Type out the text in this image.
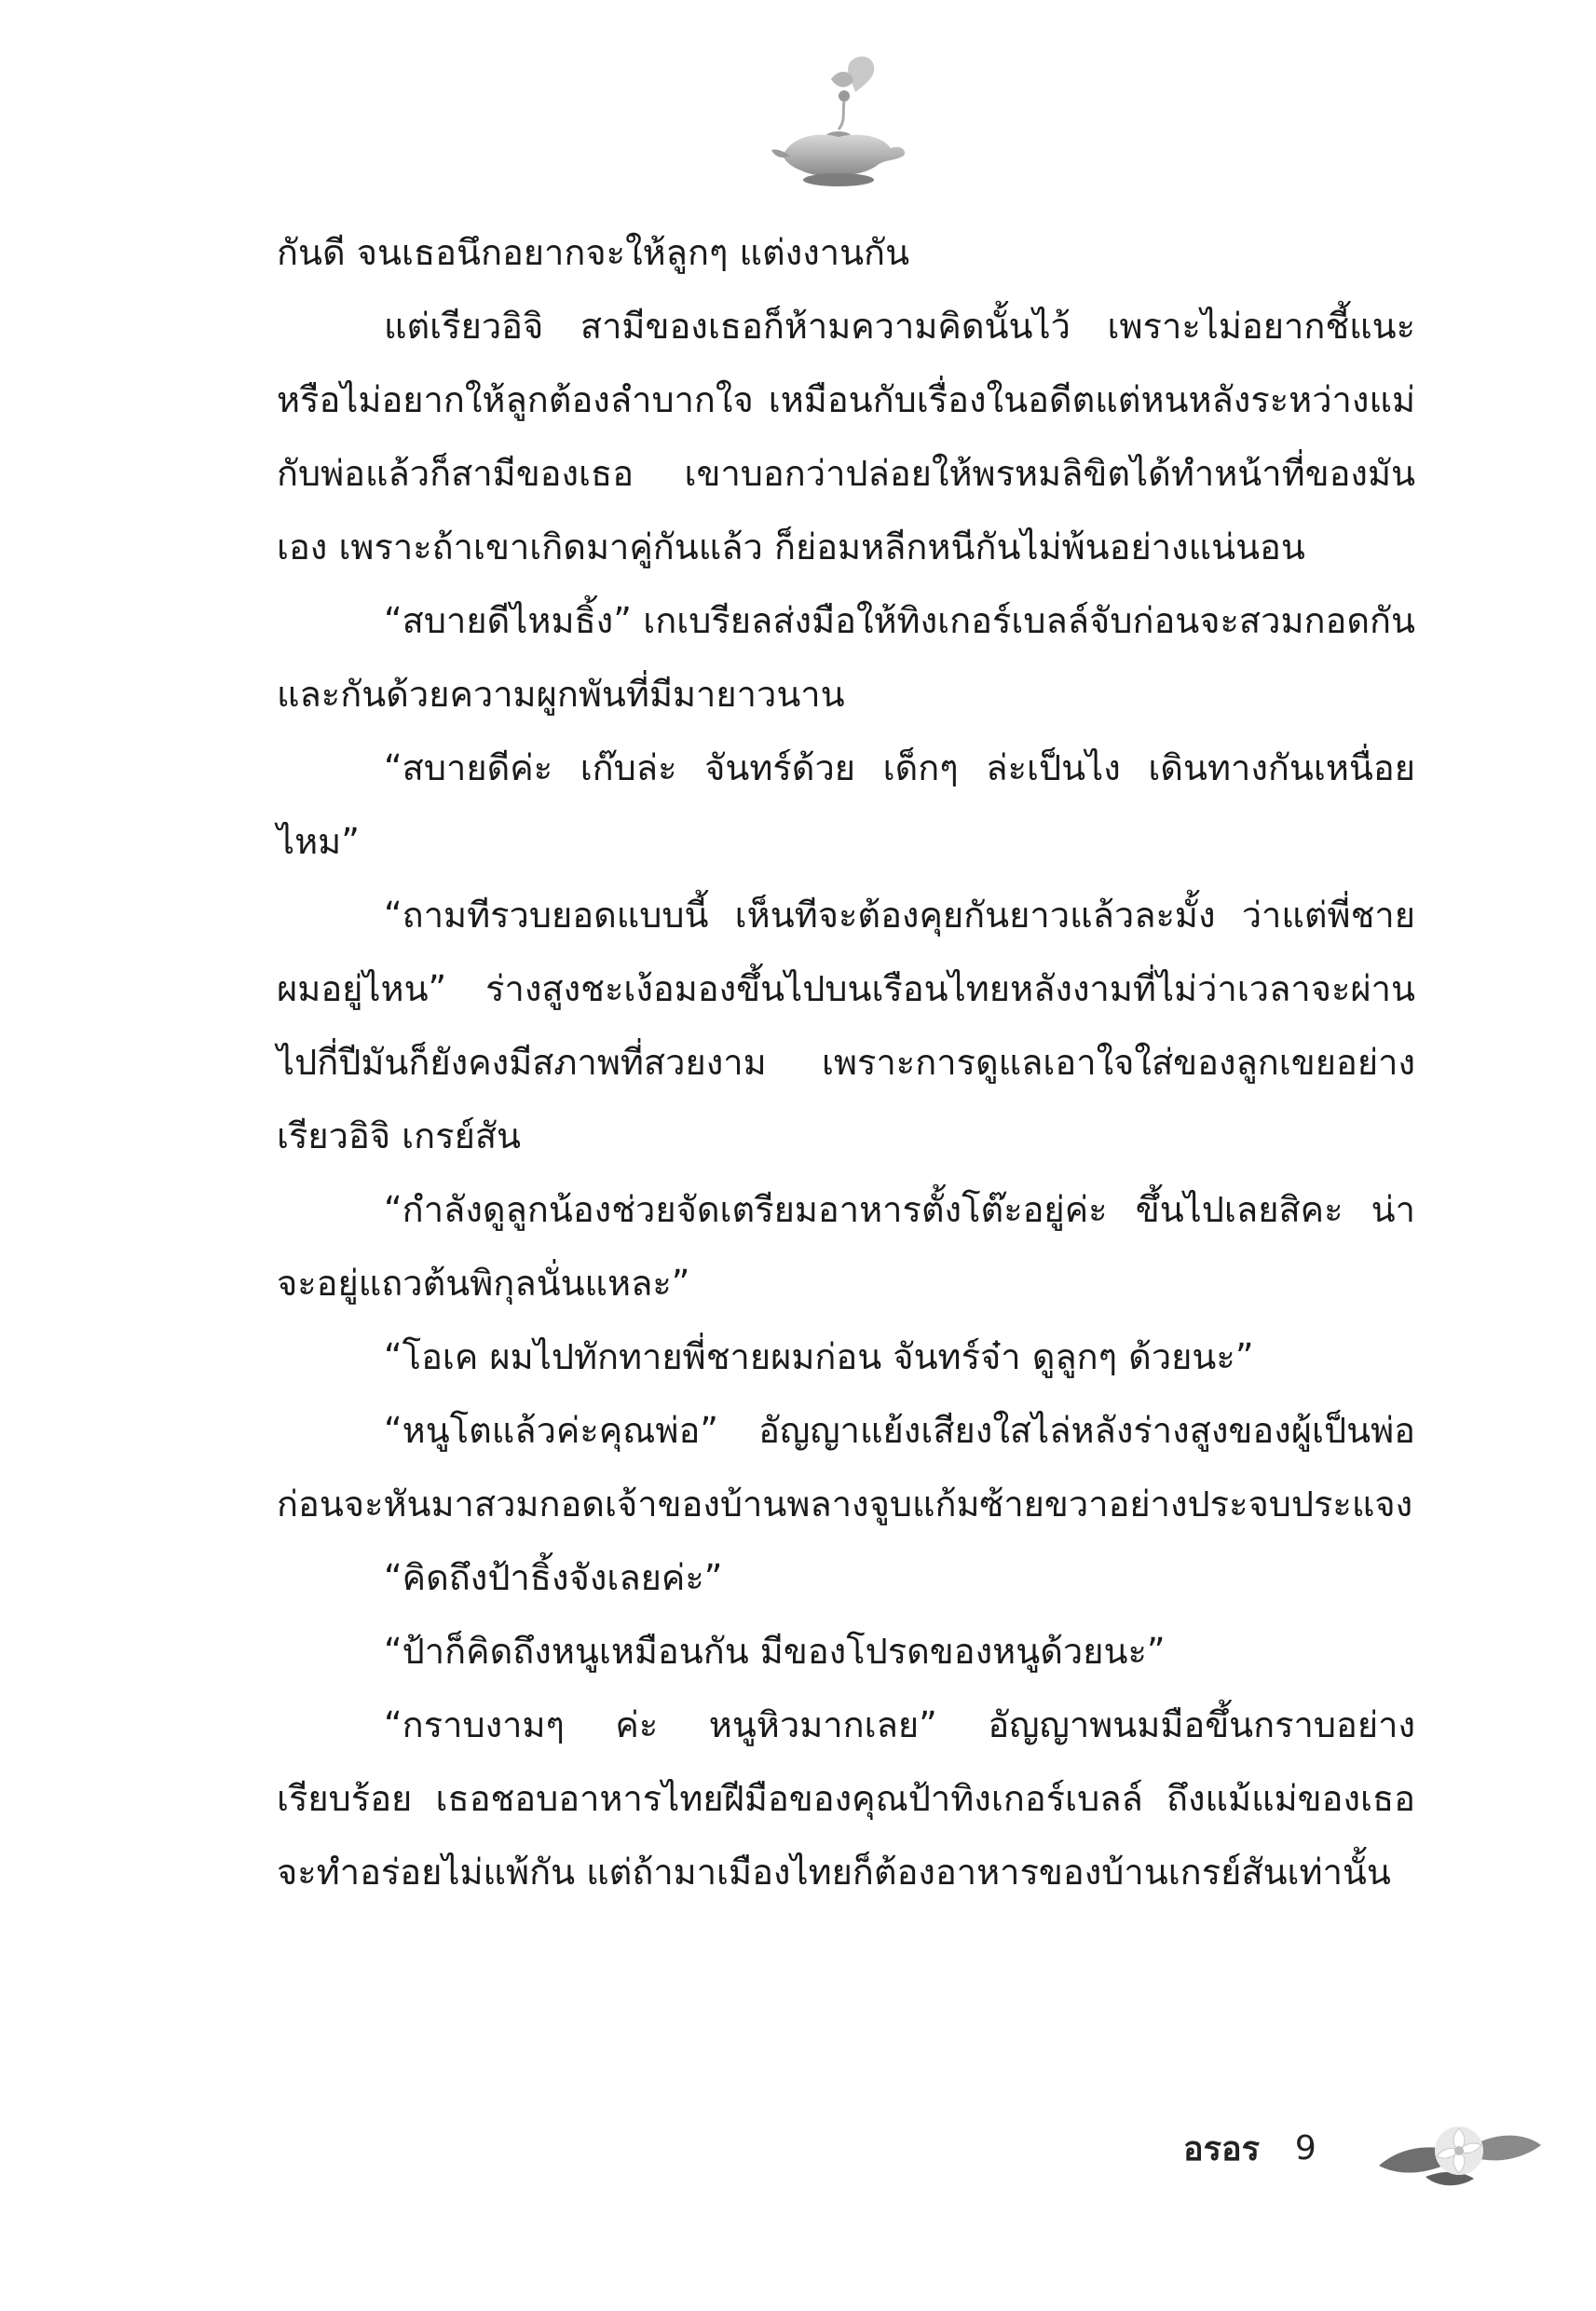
กันดี จนเธอนึกอยากจะให้ลูกๆ แต่งงานกัน

แต่เรียวอิจิ สามีของเธอก็ห้ามความคิดนั้นไว้ เพราะไม่อยากชี้แนะหรือไม่อยากให้ลูกต้องลำบากใจ เหมือนกับเรื่องในอดีตแต่หนหลังระหว่างแม่กับพ่อแล้วก็สามีของเธอ เขาบอกว่าปล่อยให้พรหมลิขิตได้ทำหน้าที่ของมันเอง เพราะถ้าเขาเกิดมาคู่กันแล้ว ก็ย่อมหลีกหนีกันไม่พ้นอย่างแน่นอน

“สบายดีไหมธิ้ง” เกเบรียลส่งมือให้ทิงเกอร์เบลล์จับก่อนจะสวมกอดกันและกันด้วยความผูกพันที่มีมายาวนาน

“สบายดีค่ะ เก๊บล่ะ จันทร์ด้วย เด็กๆ ล่ะเป็นไง เดินทางกันเหนื่อยไหม”

“ถามทีรวบยอดแบบนี้ เห็นทีจะต้องคุยกันยาวแล้วละมั้ง ว่าแต่พี่ชายผมอยู่ไหน” ร่างสูงชะเง้อมองขึ้นไปบนเรือนไทยหลังงามที่ไม่ว่าเวลาจะผ่านไปกี่ปีมันก็ยังคงมีสภาพที่สวยงาม เพราะการดูแลเอาใจใส่ของลูกเขยอย่าง เรียวอิจิ เกรย์สัน

“กำลังดูลูกน้องช่วยจัดเตรียมอาหารตั้งโต๊ะอยู่ค่ะ ขึ้นไปเลยสิคะ น่าจะอยู่แถวต้นพิกุลนั่นแหละ”

“โอเค ผมไปทักทายพี่ชายผมก่อน จันทร์จ๋า ดูลูกๆ ด้วยนะ”

“หนูโตแล้วค่ะคุณพ่อ” อัญญาแย้งเสียงใสไล่หลังร่างสูงของผู้เป็นพ่อ ก่อนจะหันมาสวมกอดเจ้าของบ้านพลางจูบแก้มซ้ายขวาอย่างประจบประแจง

“คิดถึงป้าธิ้งจังเลยค่ะ”

“ป้าก็คิดถึงหนูเหมือนกัน มีของโปรดของหนูด้วยนะ”

“กราบงามๆ ค่ะ หนูหิวมากเลย” อัญญาพนมมือขึ้นกราบอย่างเรียบร้อย เธอชอบอาหารไทยฝีมือของคุณป้าทิงเกอร์เบลล์ ถึงแม้แม่ของเธอจะทำอร่อยไม่แพ้กัน แต่ถ้ามาเมืองไทยก็ต้องอาหารของบ้านเกรย์สันเท่านั้น

อรอร 9
